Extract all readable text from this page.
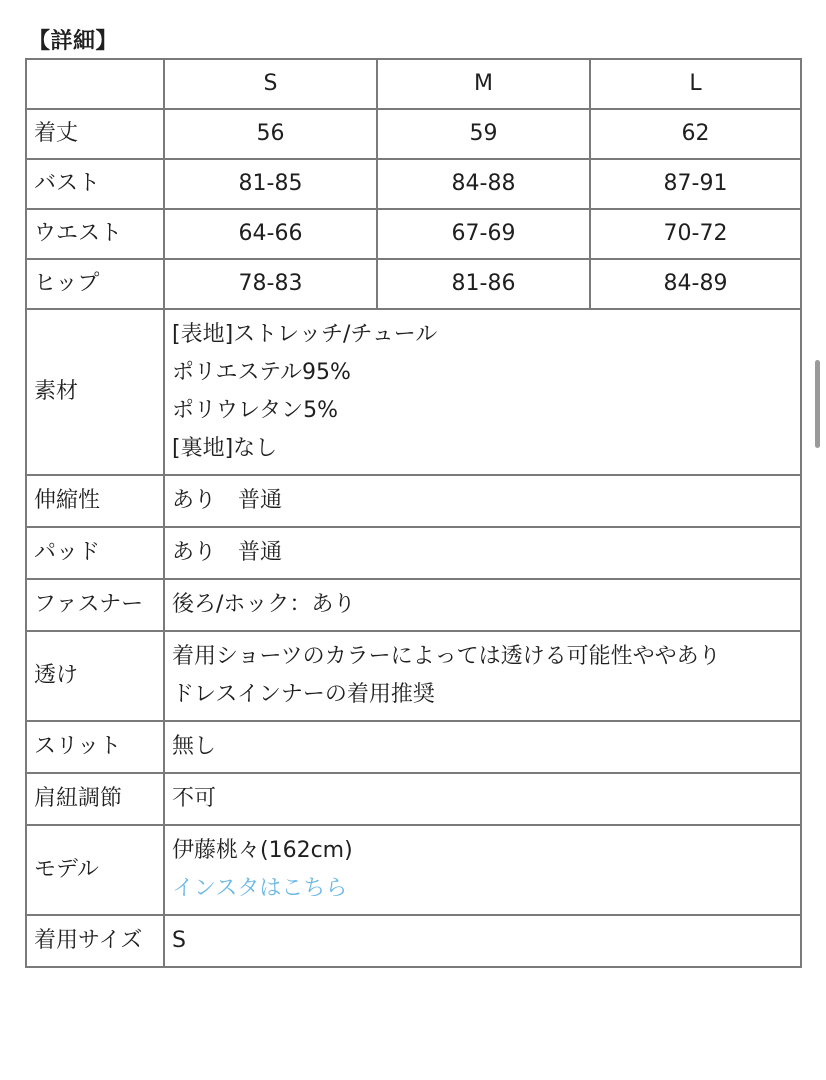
【詳細】
	S	M	L
着丈	56	59	62
バスト	81-85	84-88	87-91
ウエスト	64-66	67-69	70-72
ヒップ	78-83	81-86	84-89
素材	[表地]ストレッチ/チュール
ポリエステル95%
ポリウレタン5%
[裏地]なし		

伸縮性	あり　普通		

パッド	あり　普通		

ファスナー	後ろ/ホック：あり		

透け	着用ショーツのカラーによっては透ける可能性ややあり
ドレスインナーの着用推奨		

スリット	無し		

肩紐調節	不可		

モデル	伊藤桃々(162cm)
インスタはこちら		

着用サイズ	S		
